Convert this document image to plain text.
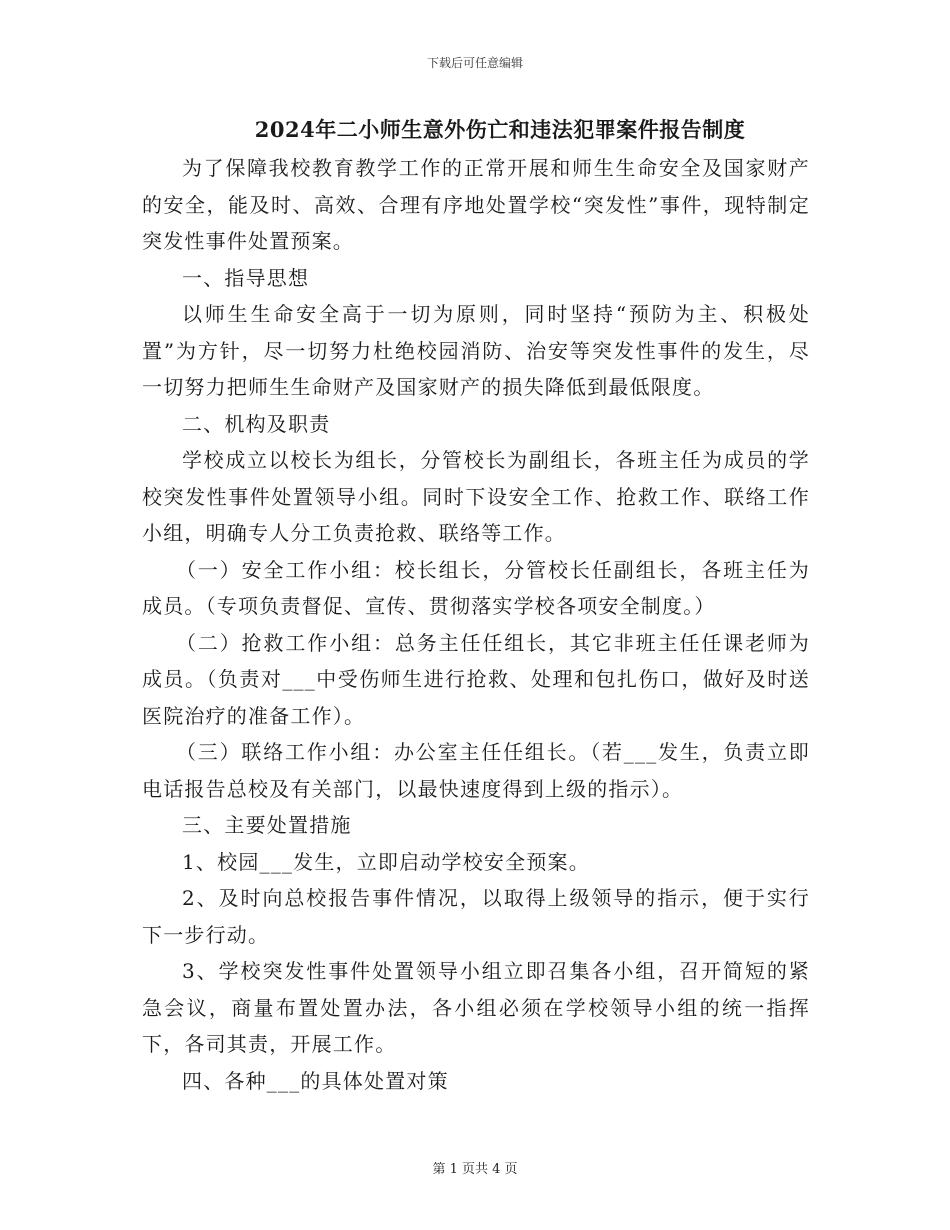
下载后可任意编辑
2024年二小师生意外伤亡和违法犯罪案件报告制度

为了保障我校教育教学工作的正常开展和师生生命安全及国家财产的安全，能及时、高效、合理有序地处置学校“突发性”事件，现特制定突发性事件处置预案。

一、指导思想

以师生生命安全高于一切为原则，同时坚持“预防为主、积极处置”为方针，尽一切努力杜绝校园消防、治安等突发性事件的发生，尽一切努力把师生生命财产及国家财产的损失降低到最低限度。

二、机构及职责

学校成立以校长为组长，分管校长为副组长，各班主任为成员的学校突发性事件处置领导小组。同时下设安全工作、抢救工作、联络工作小组，明确专人分工负责抢救、联络等工作。

（一）安全工作小组：校长组长，分管校长任副组长，各班主任为成员。（专项负责督促、宣传、贯彻落实学校各项安全制度。）

（二）抢救工作小组：总务主任任组长，其它非班主任任课老师为成员。（负责对___中受伤师生进行抢救、处理和包扎伤口，做好及时送医院治疗的准备工作）。

（三）联络工作小组：办公室主任任组长。（若___发生，负责立即电话报告总校及有关部门，以最快速度得到上级的指示）。

三、主要处置措施

1、校园___发生，立即启动学校安全预案。

2、及时向总校报告事件情况，以取得上级领导的指示，便于实行下一步行动。

3、学校突发性事件处置领导小组立即召集各小组，召开简短的紧急会议，商量布置处置办法，各小组必须在学校领导小组的统一指挥下，各司其责，开展工作。

四、各种___的具体处置对策

第 1 页共 4 页
